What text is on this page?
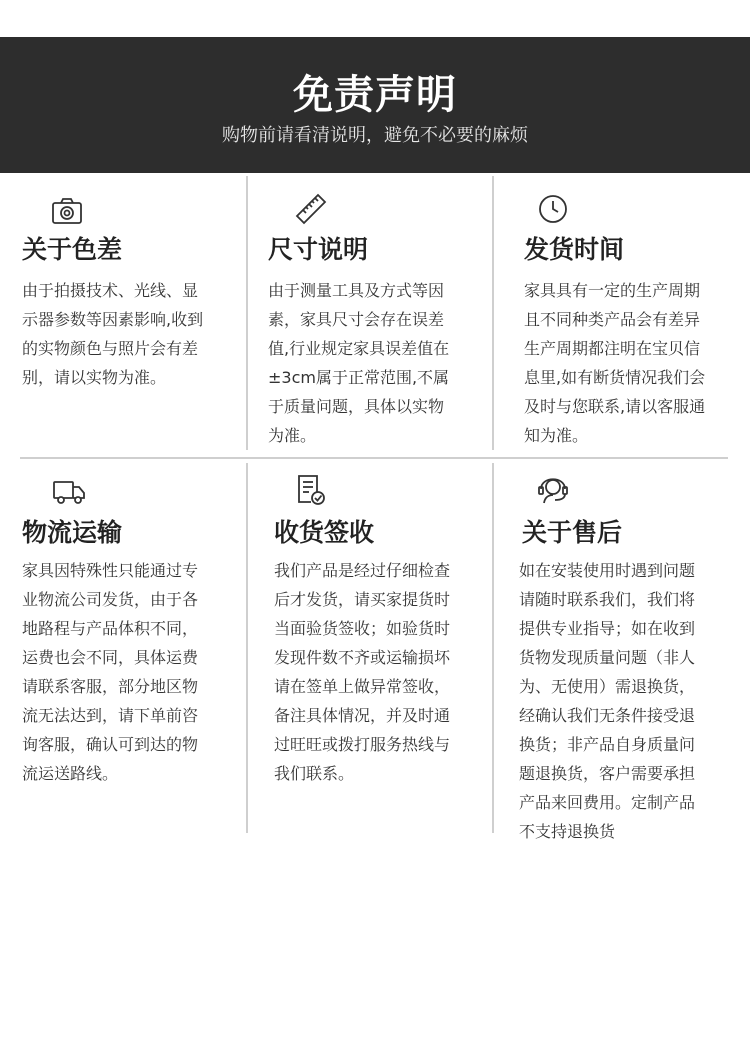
免责声明
购物前请看清说明，避免不必要的麻烦
关于色差

由于拍摄技术、光线、显
示器参数等因素影响,收到
的实物颜色与照片会有差
别，请以实物为准。

尺寸说明

由于测量工具及方式等因
素，家具尺寸会存在误差
值,行业规定家具误差值在
±3cm属于正常范围,不属
于质量问题，具体以实物
为准。

发货时间

家具具有一定的生产周期
且不同种类产品会有差异
生产周期都注明在宝贝信
息里,如有断货情况我们会
及时与您联系,请以客服通
知为准。

物流运输

家具因特殊性只能通过专
业物流公司发货，由于各
地路程与产品体积不同，
运费也会不同，具体运费
请联系客服，部分地区物
流无法达到，请下单前咨
询客服，确认可到达的物
流运送路线。

收货签收

我们产品是经过仔细检查
后才发货，请买家提货时
当面验货签收；如验货时
发现件数不齐或运输损坏
请在签单上做异常签收，
备注具体情况，并及时通
过旺旺或拨打服务热线与
我们联系。

关于售后

如在安装使用时遇到问题
请随时联系我们，我们将
提供专业指导；如在收到
货物发现质量问题（非人
为、无使用）需退换货，
经确认我们无条件接受退
换货；非产品自身质量问
题退换货，客户需要承担
产品来回费用。定制产品
不支持退换货
